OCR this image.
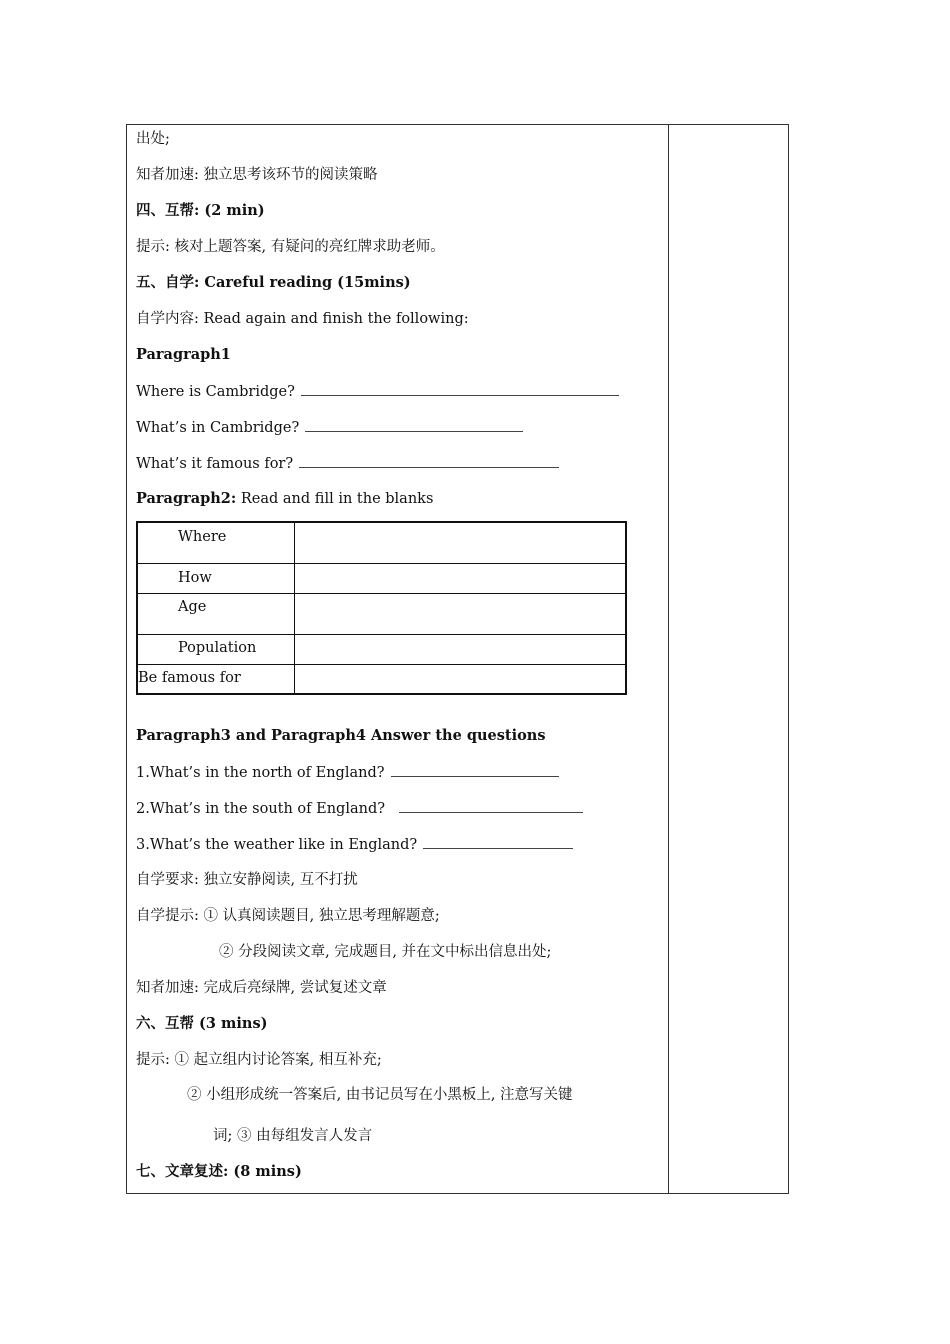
出处;
知者加速: 独立思考该环节的阅读策略
四、互帮: (2 min)
提示: 核对上题答案, 有疑问的亮红牌求助老师。
五、自学: Careful reading (15mins)
自学内容: Read again and finish the following:
Paragraph1
Where is Cambridge?
What’s in Cambridge?
What’s it famous for?
Paragraph2: Read and fill in the blanks
Where
How
Age
Population
Be famous for
Paragraph3 and Paragraph4 Answer the questions
1.What’s in the north of England?
2.What’s in the south of England?
3.What’s the weather like in England?
自学要求: 独立安静阅读, 互不打扰
自学提示: ① 认真阅读题目, 独立思考理解题意;
② 分段阅读文章, 完成题目, 并在文中标出信息出处;
知者加速: 完成后亮绿牌, 尝试复述文章
六、互帮 (3 mins)
提示: ① 起立组内讨论答案, 相互补充;
② 小组形成统一答案后, 由书记员写在小黑板上, 注意写关键
词; ③ 由每组发言人发言
七、文章复述: (8 mins)
